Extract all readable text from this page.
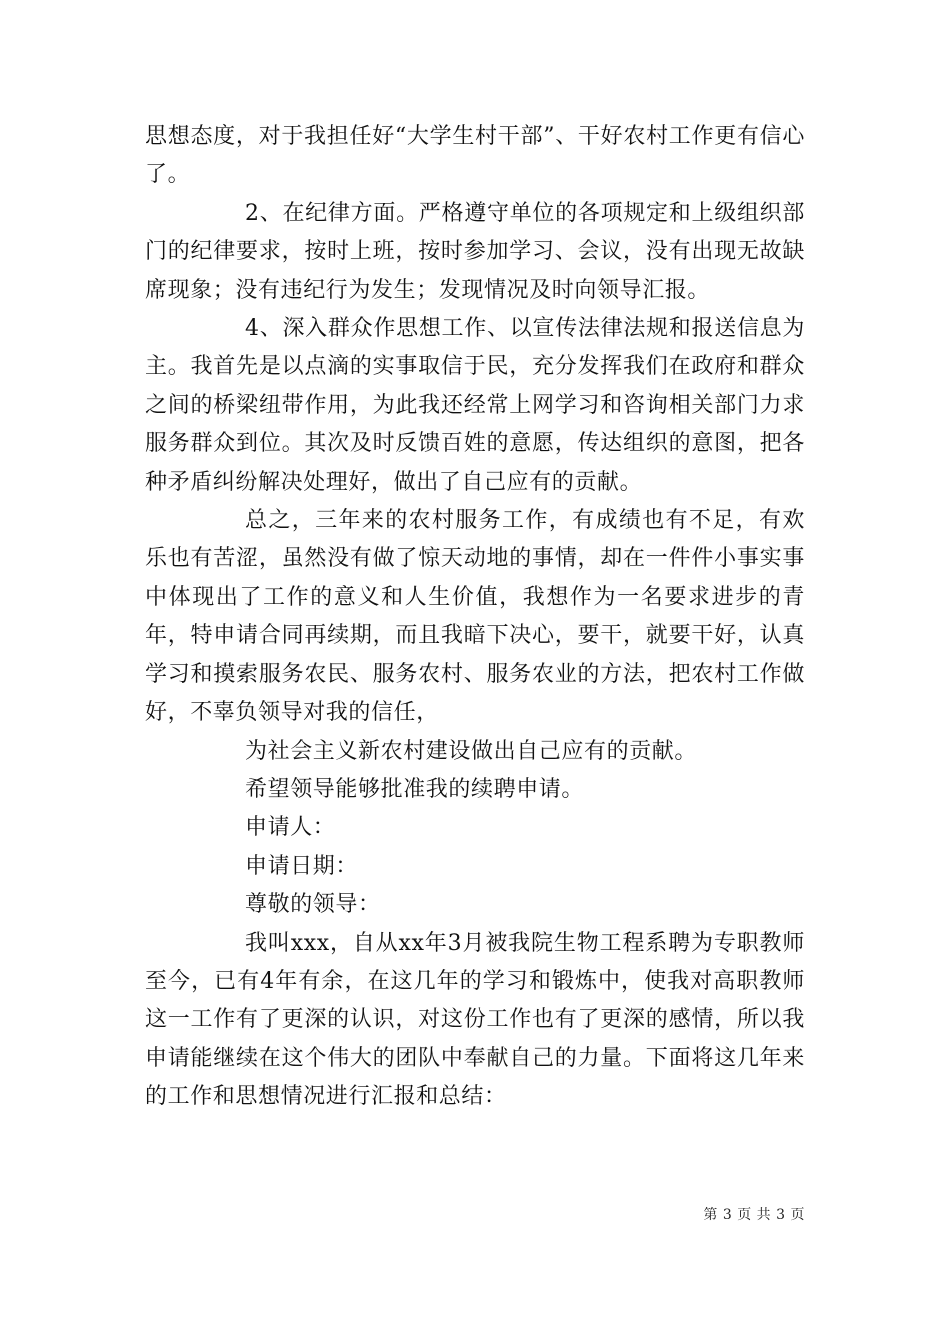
思想态度，对于我担任好“大学生村干部”、干好农村工作更有信心了。

2、在纪律方面。严格遵守单位的各项规定和上级组织部门的纪律要求，按时上班，按时参加学习、会议，没有出现无故缺席现象；没有违纪行为发生；发现情况及时向领导汇报。

4、深入群众作思想工作、以宣传法律法规和报送信息为主。我首先是以点滴的实事取信于民，充分发挥我们在政府和群众之间的桥梁纽带作用，为此我还经常上网学习和咨询相关部门力求服务群众到位。其次及时反馈百姓的意愿，传达组织的意图，把各种矛盾纠纷解决处理好，做出了自己应有的贡献。

总之，三年来的农村服务工作，有成绩也有不足，有欢乐也有苦涩，虽然没有做了惊天动地的事情，却在一件件小事实事中体现出了工作的意义和人生价值，我想作为一名要求进步的青年，特申请合同再续期，而且我暗下决心，要干，就要干好，认真学习和摸索服务农民、服务农村、服务农业的方法，把农村工作做好，不辜负领导对我的信任，

为社会主义新农村建设做出自己应有的贡献。

希望领导能够批准我的续聘申请。

申请人：

申请日期：

尊敬的领导：

我叫xxx，自从xx年3月被我院生物工程系聘为专职教师至今，已有4年有余，在这几年的学习和锻炼中，使我对高职教师这一工作有了更深的认识，对这份工作也有了更深的感情，所以我申请能继续在这个伟大的团队中奉献自己的力量。下面将这几年来的工作和思想情况进行汇报和总结：

第 3 页 共 3 页
